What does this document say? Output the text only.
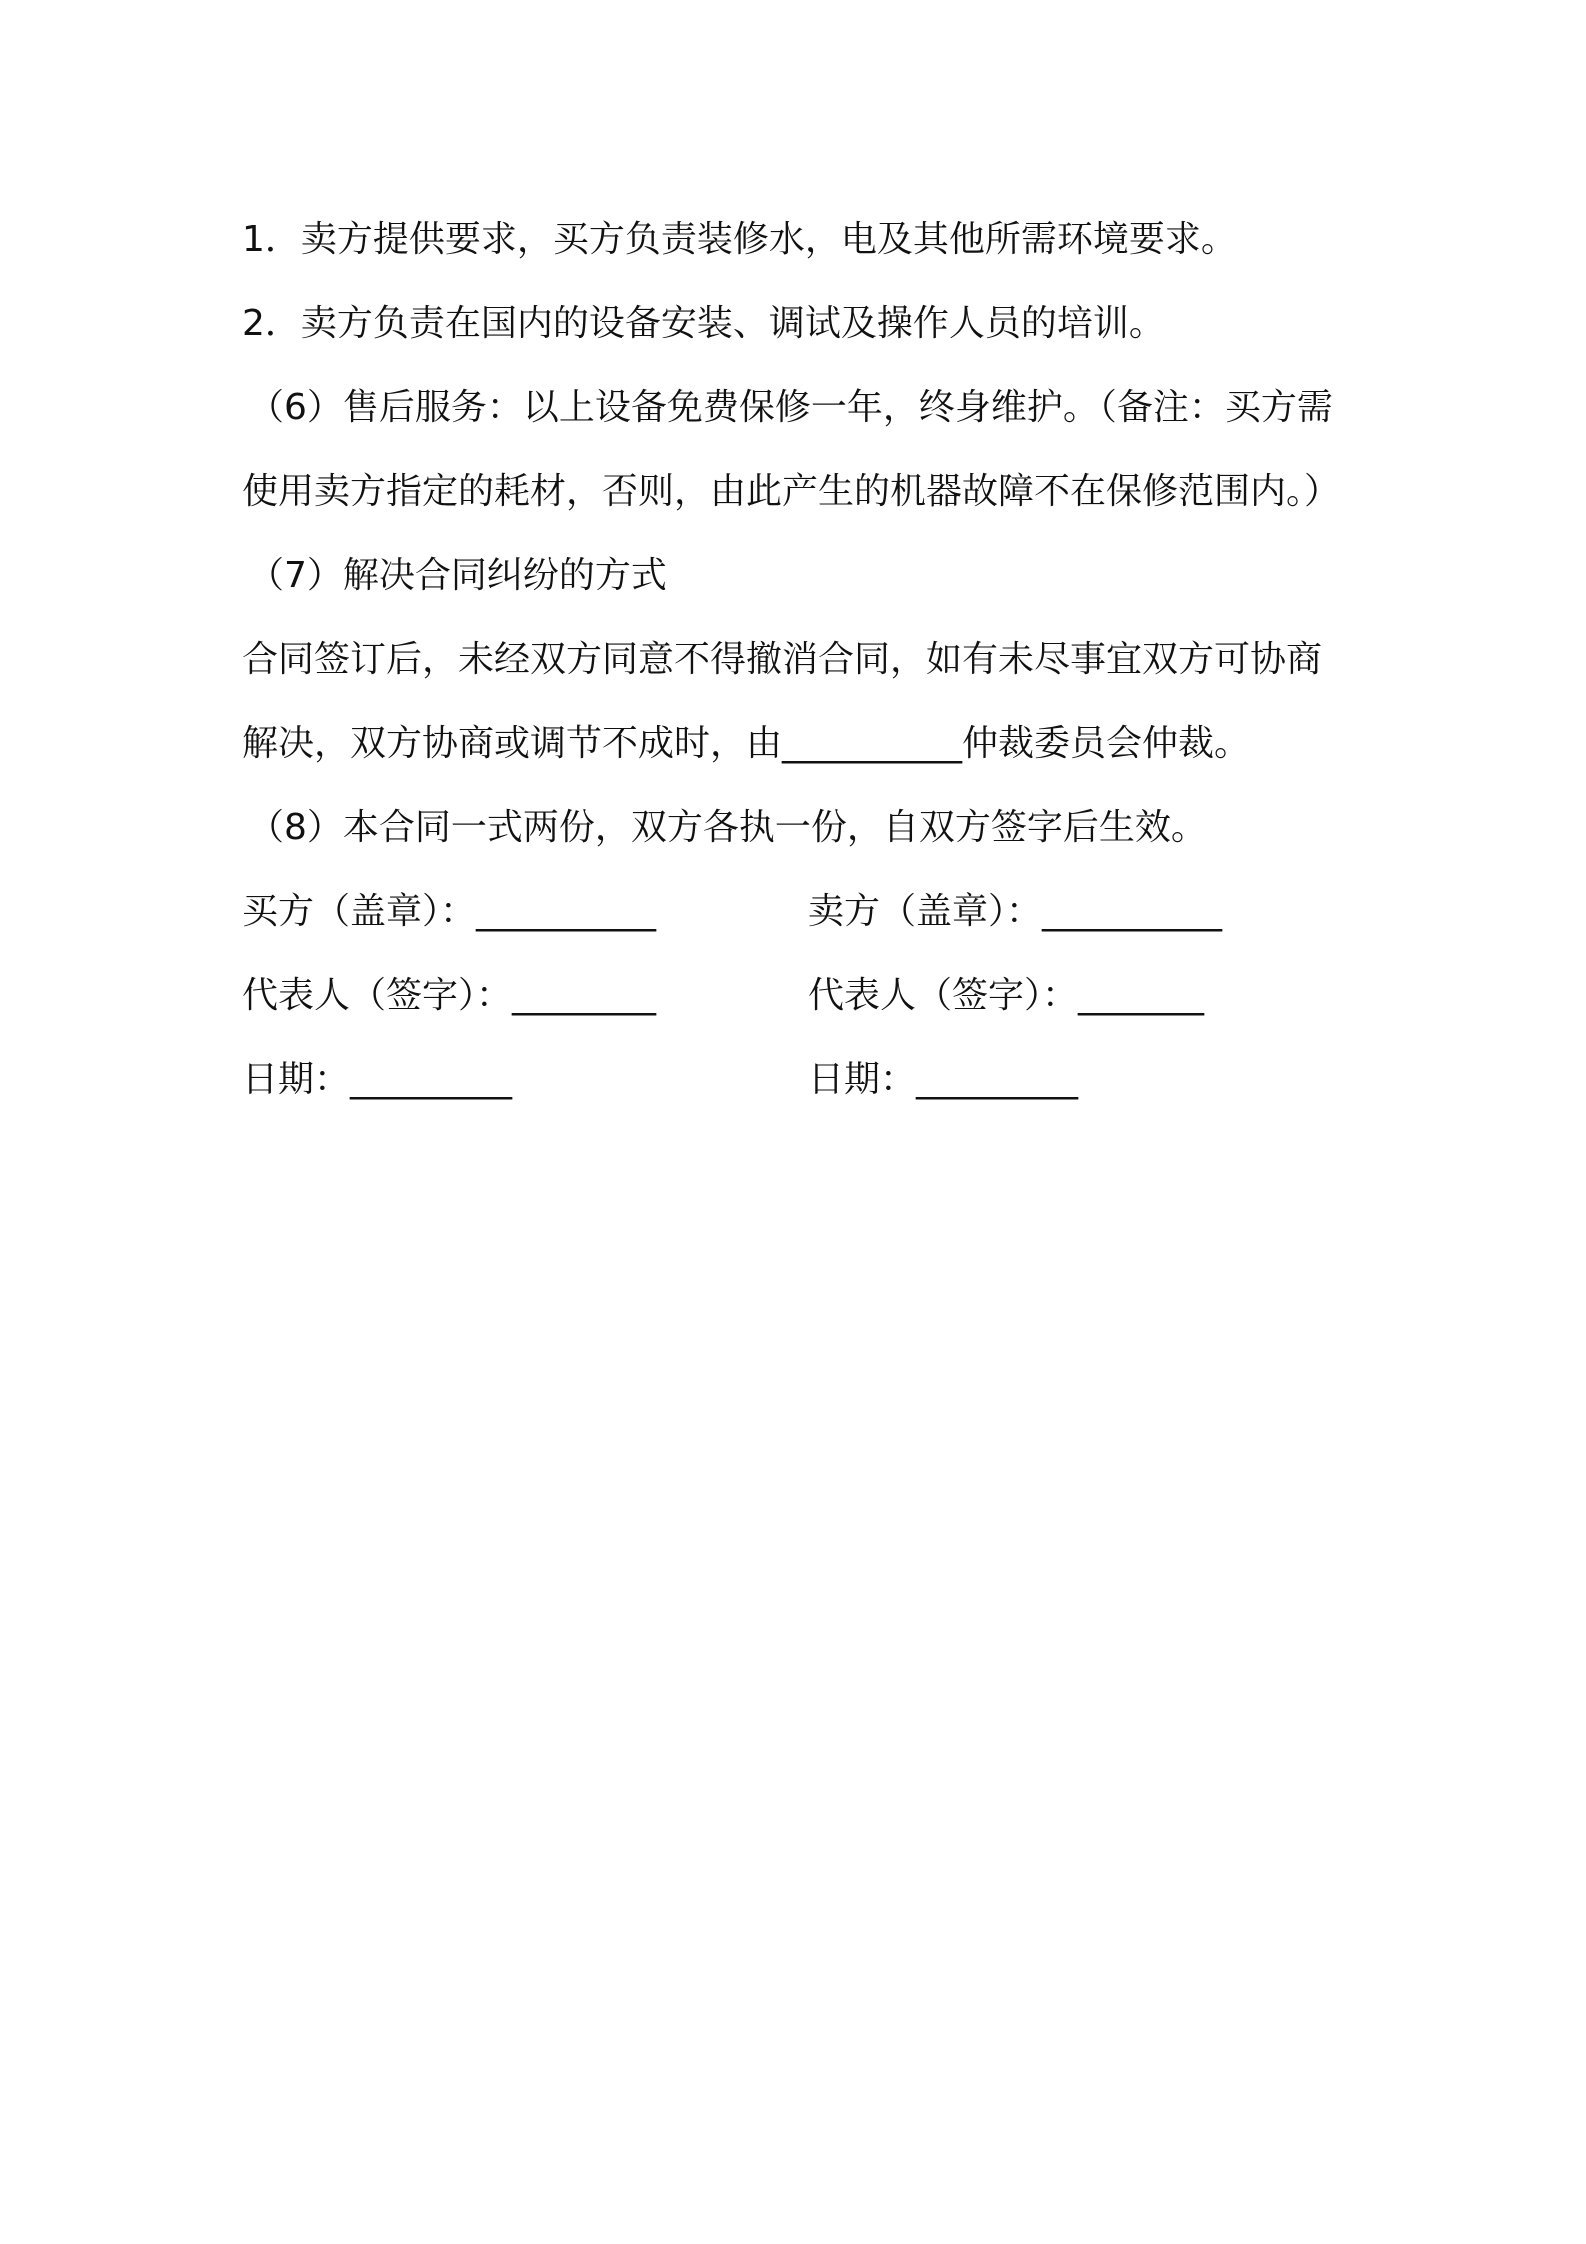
1．卖方提供要求，买方负责装修水，电及其他所需环境要求。
2．卖方负责在国内的设备安装、调试及操作人员的培训。
（6）售后服务：以上设备免费保修一年，终身维护。（备注：买方需
使用卖方指定的耗材，否则，由此产生的机器故障不在保修范围内。）
（7）解决合同纠纷的方式
合同签订后，未经双方同意不得撤消合同，如有未尽事宜双方可协商
解决，双方协商或调节不成时，由__________仲裁委员会仲裁。
（8）本合同一式两份，双方各执一份，自双方签字后生效。
买方（盖章）：__________	卖方（盖章）：__________
代表人（签字）：________	代表人（签字）：_______
日期：_________	日期：_________
